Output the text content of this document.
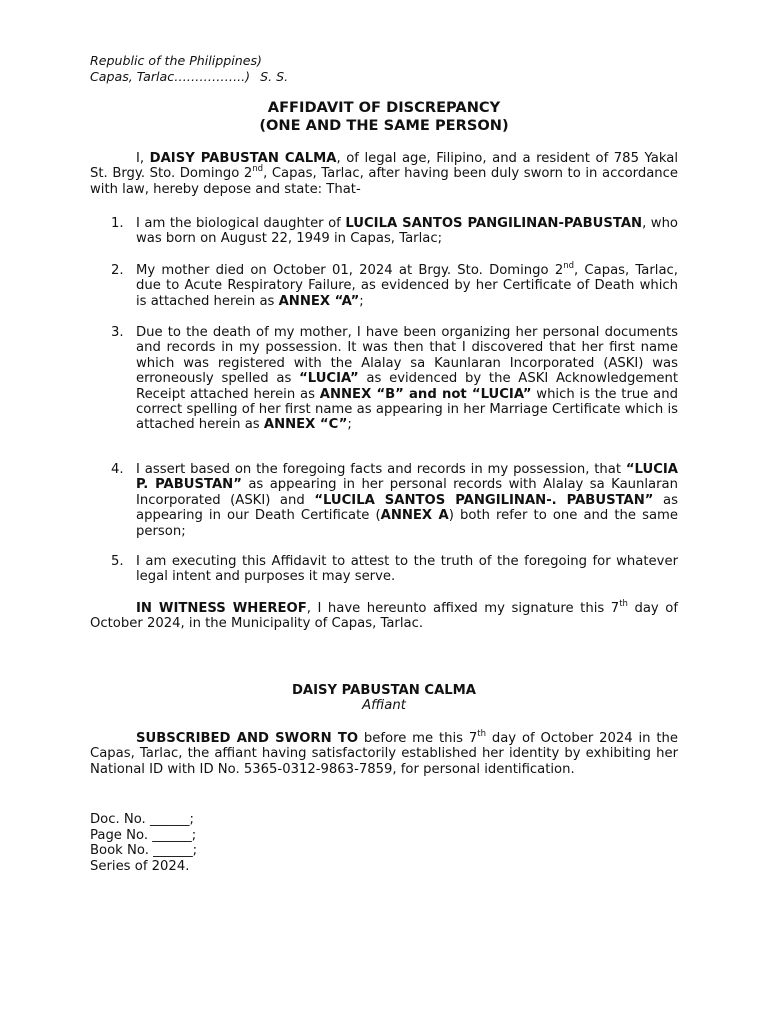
Republic of the Philippines)
Capas, Tarlac……………..) S. S.
AFFIDAVIT OF DISCREPANCY
(ONE AND THE SAME PERSON)
I, DAISY PABUSTAN CALMA, of legal age, Filipino, and a resident of 785 Yakal St. Brgy. Sto. Domingo 2nd, Capas, Tarlac, after having been duly sworn to in accordance with law, hereby depose and state: That-
1. I am the biological daughter of LUCILA SANTOS PANGILINAN-PABUSTAN, who was born on August 22, 1949 in Capas, Tarlac;
2. My mother died on October 01, 2024 at Brgy. Sto. Domingo 2nd, Capas, Tarlac, due to Acute Respiratory Failure, as evidenced by her Certificate of Death which is attached herein as ANNEX “A”;
3. Due to the death of my mother, I have been organizing her personal documents and records in my possession. It was then that I discovered that her first name which was registered with the Alalay sa Kaunlaran Incorporated (ASKI) was erroneously spelled as “LUCIA” as evidenced by the ASKI Acknowledgement Receipt attached herein as ANNEX “B” and not “LUCIA” which is the true and correct spelling of her first name as appearing in her Marriage Certificate which is attached herein as ANNEX “C”;
4. I assert based on the foregoing facts and records in my possession, that “LUCIA P. PABUSTAN” as appearing in her personal records with Alalay sa Kaunlaran Incorporated (ASKI) and “LUCILA SANTOS PANGILINAN-. PABUSTAN” as appearing in our Death Certificate (ANNEX A) both refer to one and the same person;
5. I am executing this Affidavit to attest to the truth of the foregoing for whatever legal intent and purposes it may serve.
IN WITNESS WHEREOF, I have hereunto affixed my signature this 7th day of October 2024, in the Municipality of Capas, Tarlac.
DAISY PABUSTAN CALMA
Affiant
SUBSCRIBED AND SWORN TO before me this 7th day of October 2024 in the Capas, Tarlac, the affiant having satisfactorily established her identity by exhibiting her National ID with ID No. 5365-0312-9863-7859, for personal identification.
Doc. No. ______;
Page No. ______;
Book No. ______;
Series of 2024.
